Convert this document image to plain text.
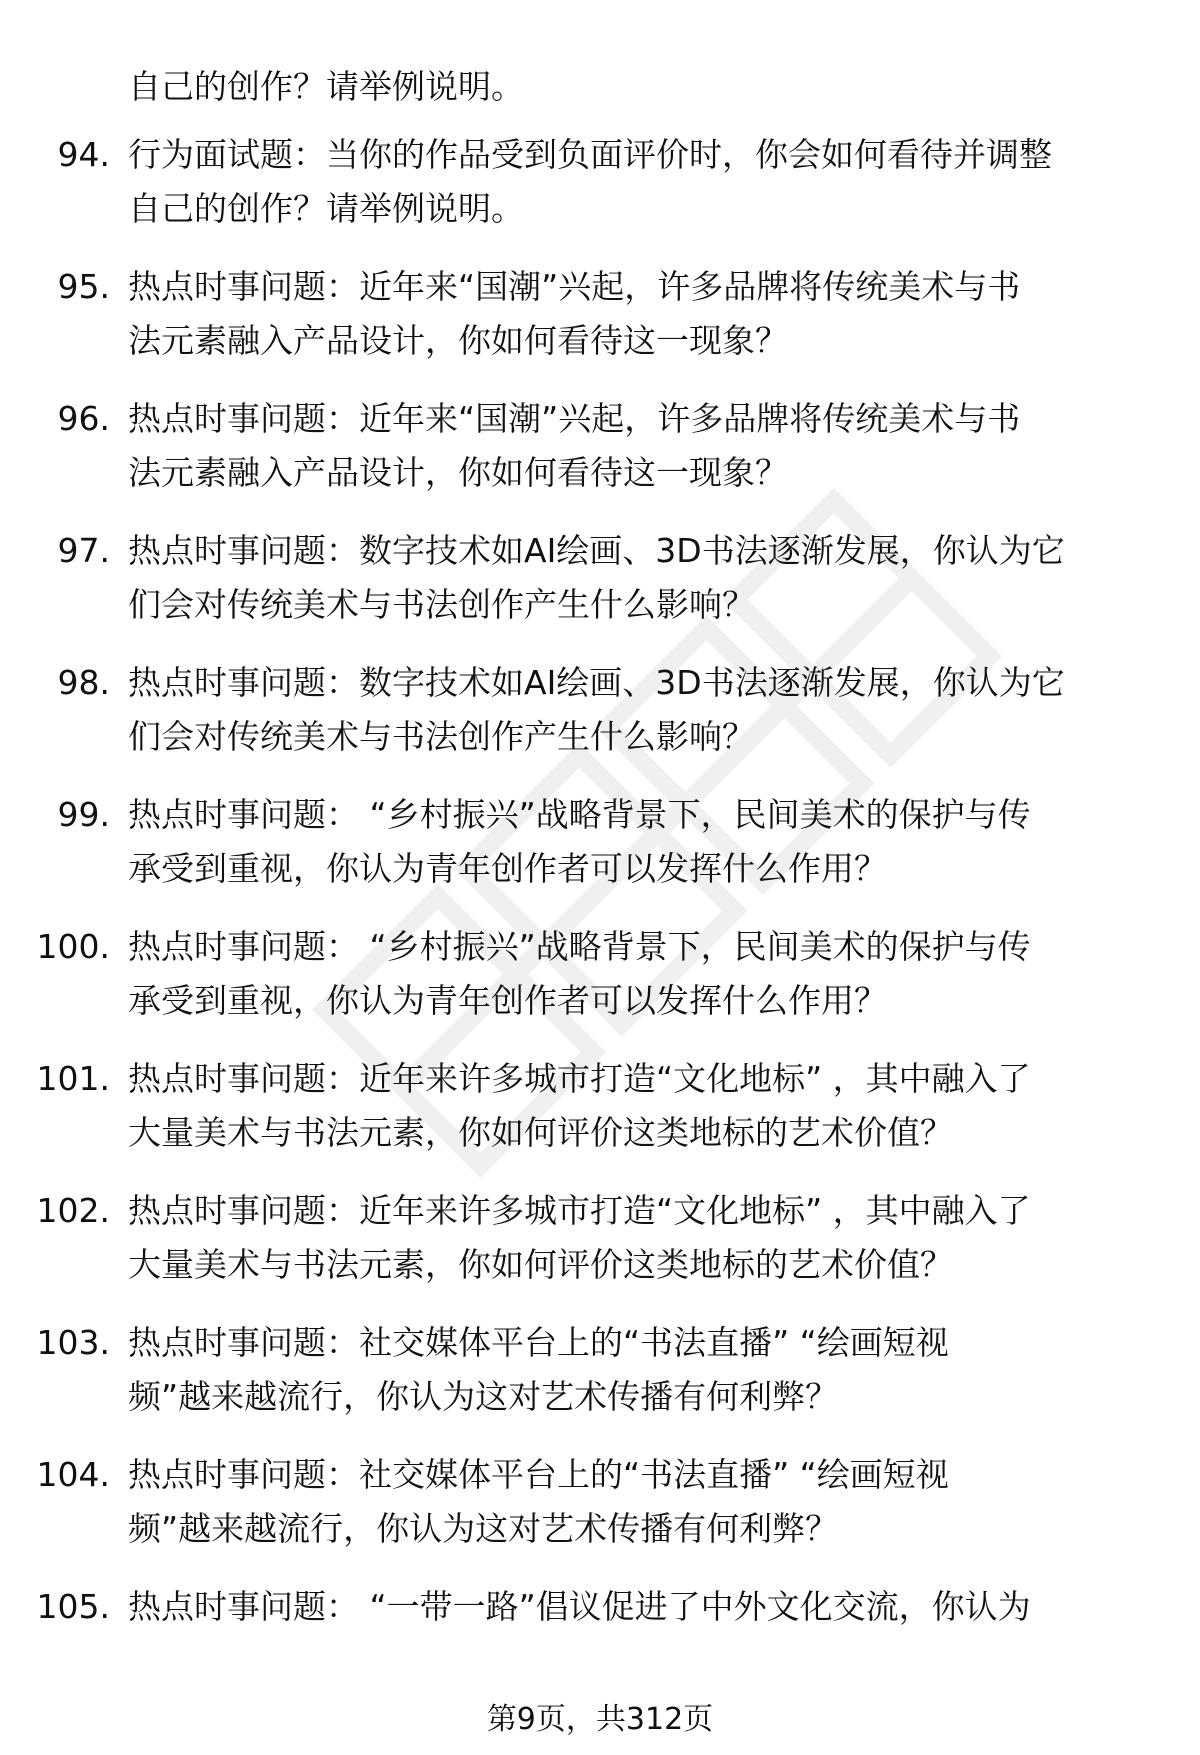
自己的创作？请举例说明。
94. 行为面试题：当你的作品受到负面评价时，你会如何看待并调整
自己的创作？请举例说明。
95. 热点时事问题：近年来“国潮”兴起，许多品牌将传统美术与书
法元素融入产品设计，你如何看待这一现象？
96. 热点时事问题：近年来“国潮”兴起，许多品牌将传统美术与书
法元素融入产品设计，你如何看待这一现象？
97. 热点时事问题：数字技术如AI绘画、3D书法逐渐发展，你认为它
们会对传统美术与书法创作产生什么影响？
98. 热点时事问题：数字技术如AI绘画、3D书法逐渐发展，你认为它
们会对传统美术与书法创作产生什么影响？
99. 热点时事问题： “乡村振兴”战略背景下，民间美术的保护与传
承受到重视，你认为青年创作者可以发挥什么作用？
100. 热点时事问题： “乡村振兴”战略背景下，民间美术的保护与传
承受到重视，你认为青年创作者可以发挥什么作用？
101. 热点时事问题：近年来许多城市打造“文化地标” ，其中融入了
大量美术与书法元素，你如何评价这类地标的艺术价值？
102. 热点时事问题：近年来许多城市打造“文化地标” ，其中融入了
大量美术与书法元素，你如何评价这类地标的艺术价值？
103. 热点时事问题：社交媒体平台上的“书法直播” “绘画短视
频”越来越流行，你认为这对艺术传播有何利弊？
104. 热点时事问题：社交媒体平台上的“书法直播” “绘画短视
频”越来越流行，你认为这对艺术传播有何利弊？
105. 热点时事问题： “一带一路”倡议促进了中外文化交流，你认为
第9页，共312页
